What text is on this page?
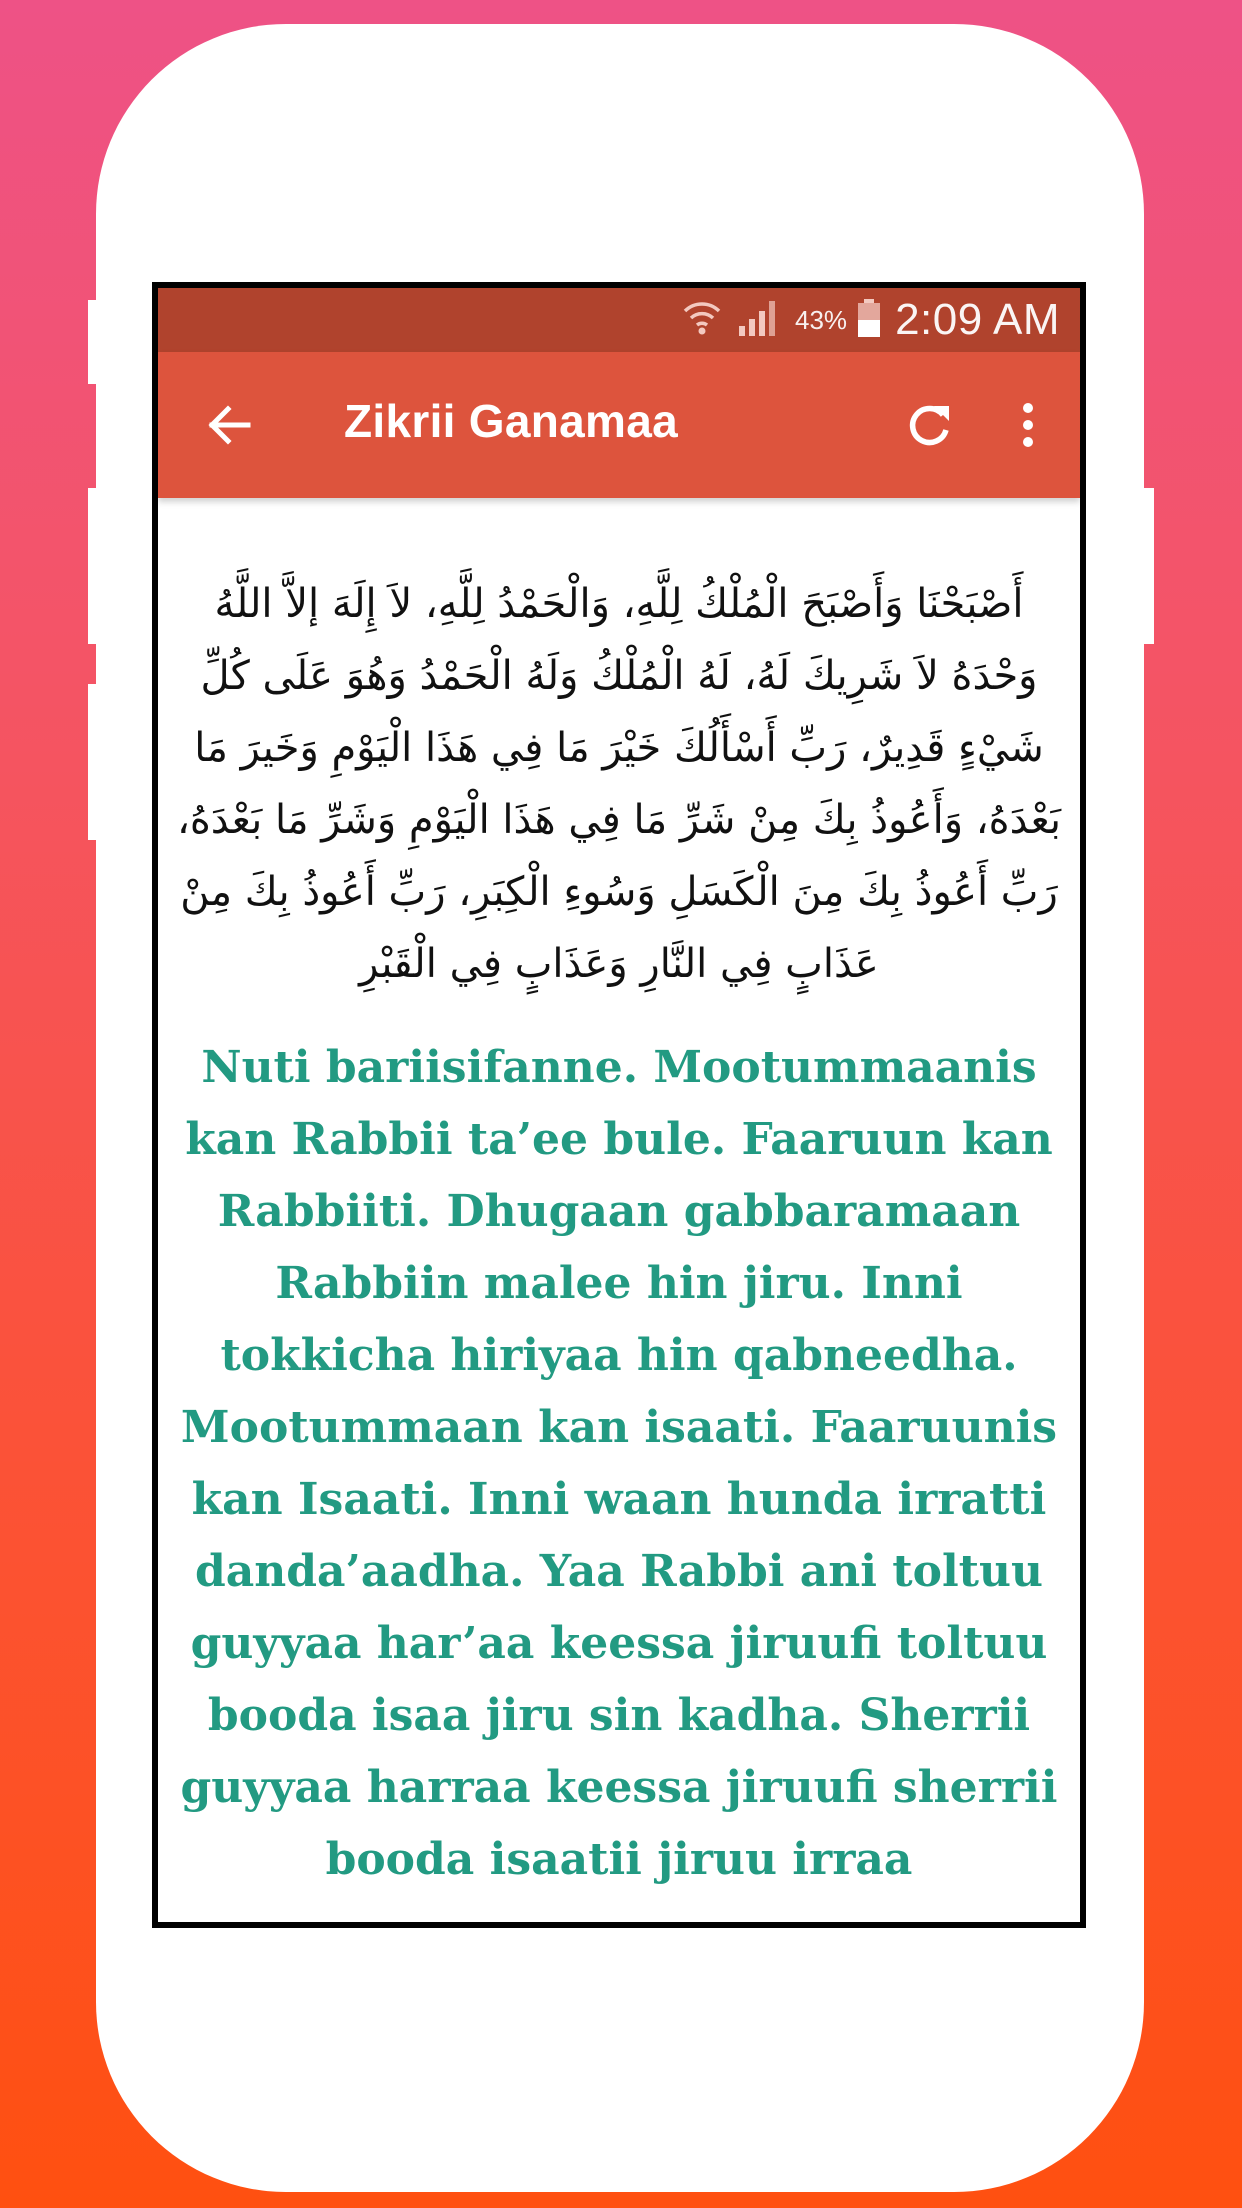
43% 2:09 AM
Zikrii Ganamaa
أَصْبَحْنَا وَأَصْبَحَ الْمُلْكُ لِلَّهِ، وَالْحَمْدُ لِلَّهِ، لاَ إِلَهَ إلاَّ اللَّهُ وَحْدَهُ لاَ شَرِيكَ لَهُ، لَهُ الْمُلْكُ وَلَهُ الْحَمْدُ وَهُوَ عَلَى كُلِّ شَيْءٍ قَدِيرٌ، رَبِّ أَسْأَلُكَ خَيْرَ مَا فِي هَذَا الْيَوْمِ وَخَيرَ مَا بَعْدَهُ، وَأَعُوذُ بِكَ مِنْ شَرِّ مَا فِي هَذَا الْيَوْمِ وَشَرِّ مَا بَعْدَهُ، رَبِّ أَعُوذُ بِكَ مِنَ الْكَسَلِ وَسُوءِ الْكِبَرِ، رَبِّ أَعُوذُ بِكَ مِنْ عَذَابٍ فِي النَّارِ وَعَذَابٍ فِي الْقَبْرِ
Nuti bariisifanne. Mootummaanis kan Rabbii ta’ee bule. Faaruun kan Rabbiiti. Dhugaan gabbaramaan Rabbiin malee hin jiru. Inni tokkicha hiriyaa hin qabneedha. Mootummaan kan isaati. Faaruunis kan Isaati. Inni waan hunda irratti danda’aadha. Yaa Rabbi ani toltuu guyyaa har’aa keessa jiruufi toltuu booda isaa jiru sin kadha. Sherrii guyyaa harraa keessa jiruufi sherrii booda isaatii jiruu irraa
